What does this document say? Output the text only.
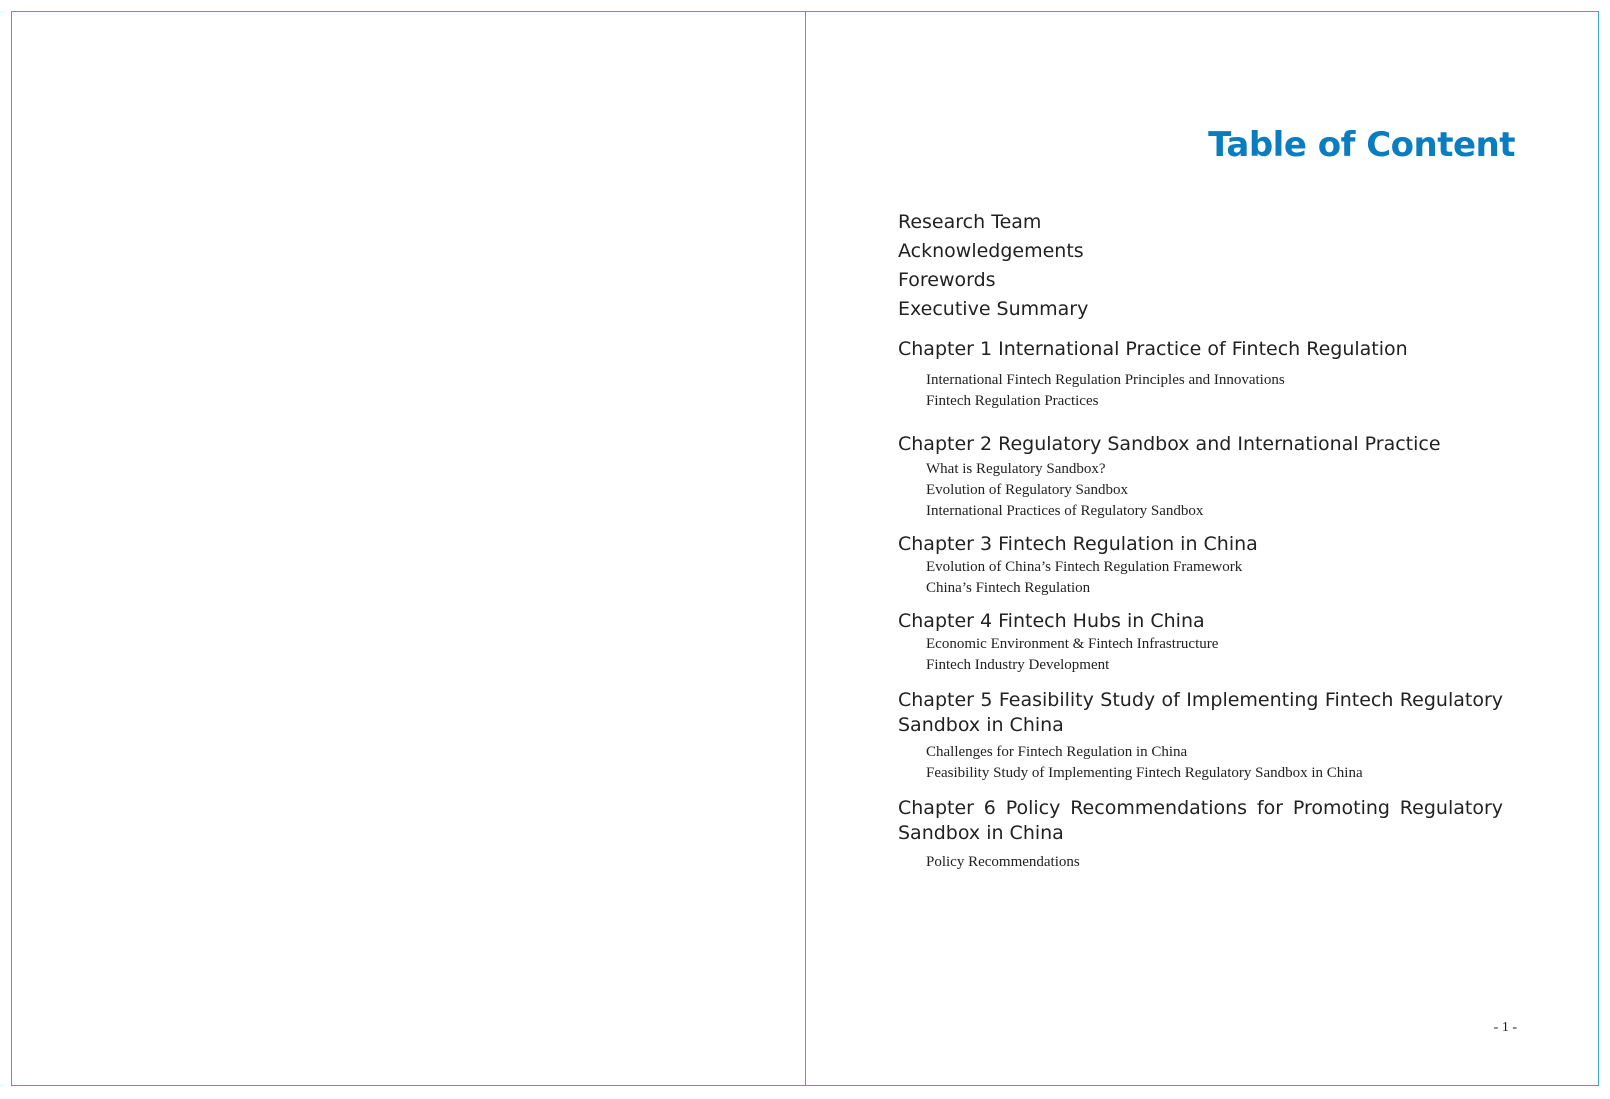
Table of Content
Research Team
Acknowledgements
Forewords
Executive Summary
Chapter 1 International Practice of Fintech Regulation
International Fintech Regulation Principles and Innovations
Fintech Regulation Practices
Chapter 2 Regulatory Sandbox and International Practice
What is Regulatory Sandbox?
Evolution of Regulatory Sandbox
International Practices of Regulatory Sandbox
Chapter 3 Fintech Regulation in China
Evolution of China’s Fintech Regulation Framework
China’s Fintech Regulation
Chapter 4 Fintech Hubs in China
Economic Environment & Fintech Infrastructure
Fintech Industry Development
Chapter 5 Feasibility Study of Implementing Fintech Regulatory Sandbox in China
Challenges for Fintech Regulation in China
Feasibility Study of Implementing Fintech Regulatory Sandbox in China
Chapter 6 Policy Recommendations for Promoting Regulatory Sandbox in China
Policy Recommendations
- 1 -
